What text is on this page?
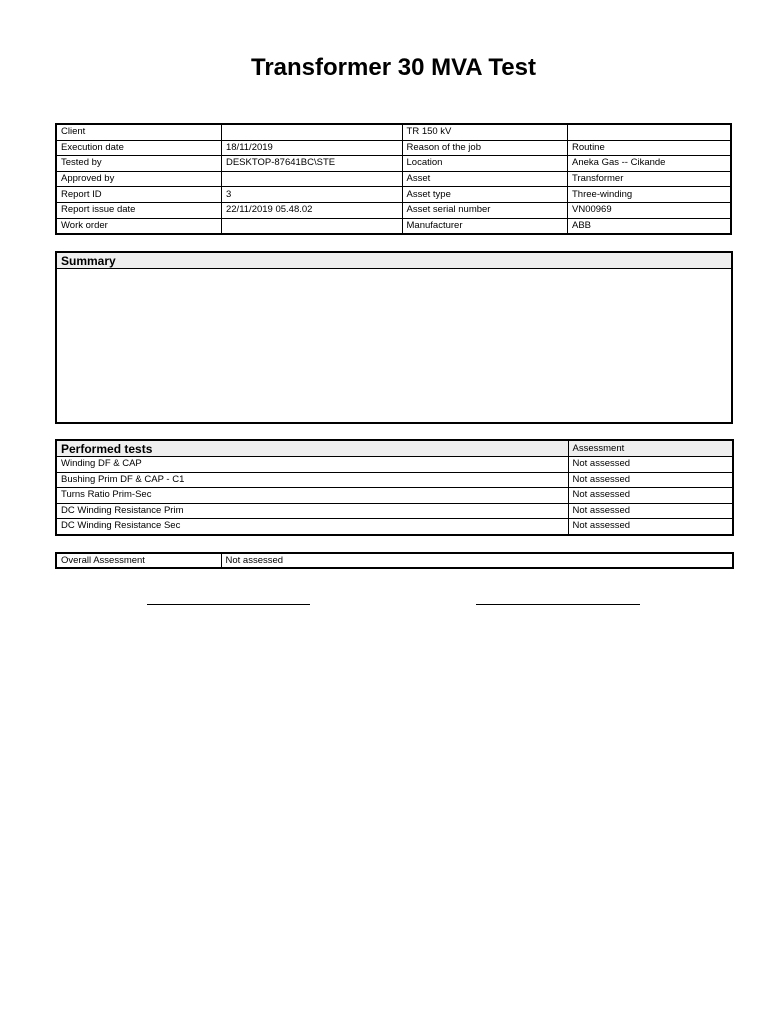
Transformer 30 MVA Test
Client		TR 150 kV	
Execution date	18/11/2019	Reason of the job	Routine
Tested by	DESKTOP-87641BC\STE	Location	Aneka Gas -- Cikande
Approved by		Asset	Transformer
Report ID	3	Asset type	Three-winding
Report issue date	22/11/2019 05.48.02	Asset serial number	VN00969
Work order		Manufacturer	ABB
Summary
Performed tests	Assessment
Winding DF & CAP	Not assessed
Bushing Prim DF & CAP - C1	Not assessed
Turns Ratio Prim-Sec	Not assessed
DC Winding Resistance Prim	Not assessed
DC Winding Resistance Sec	Not assessed
Overall Assessment	Not assessed
